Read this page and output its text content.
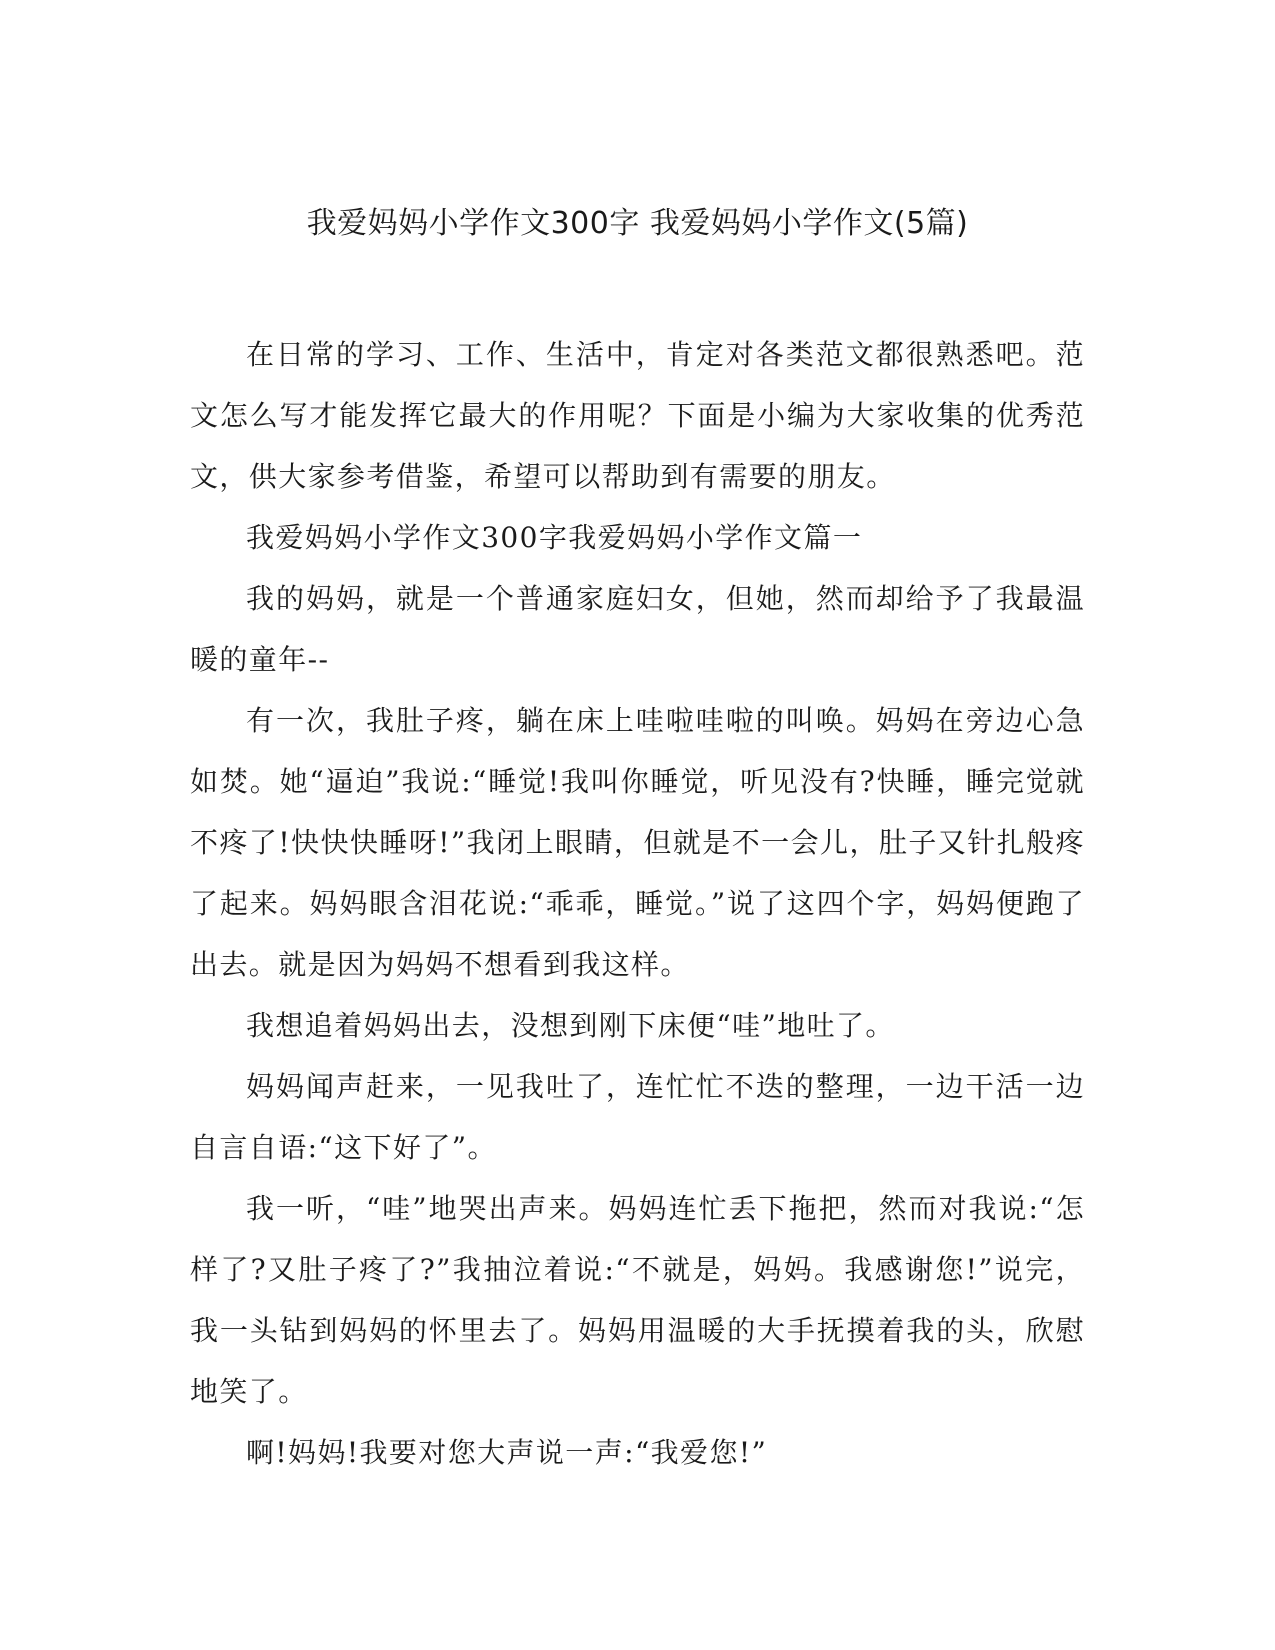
我爱妈妈小学作文300字 我爱妈妈小学作文(5篇)

在日常的学习、工作、生活中，肯定对各类范文都很熟悉吧。范文怎么写才能发挥它最大的作用呢？下面是小编为大家收集的优秀范文，供大家参考借鉴，希望可以帮助到有需要的朋友。

我爱妈妈小学作文300字我爱妈妈小学作文篇一

我的妈妈，就是一个普通家庭妇女，但她，然而却给予了我最温暖的童年--

有一次，我肚子疼，躺在床上哇啦哇啦的叫唤。妈妈在旁边心急如焚。她“逼迫”我说:“睡觉!我叫你睡觉，听见没有?快睡，睡完觉就不疼了!快快快睡呀!”我闭上眼睛，但就是不一会儿，肚子又针扎般疼了起来。妈妈眼含泪花说:“乖乖，睡觉。”说了这四个字，妈妈便跑了出去。就是因为妈妈不想看到我这样。

我想追着妈妈出去，没想到刚下床便“哇”地吐了。

妈妈闻声赶来，一见我吐了，连忙忙不迭的整理，一边干活一边自言自语:“这下好了”。

我一听，“哇”地哭出声来。妈妈连忙丢下拖把，然而对我说:“怎样了?又肚子疼了?”我抽泣着说:“不就是，妈妈。我感谢您!”说完，我一头钻到妈妈的怀里去了。妈妈用温暖的大手抚摸着我的头，欣慰地笑了。

啊!妈妈!我要对您大声说一声:“我爱您!”
